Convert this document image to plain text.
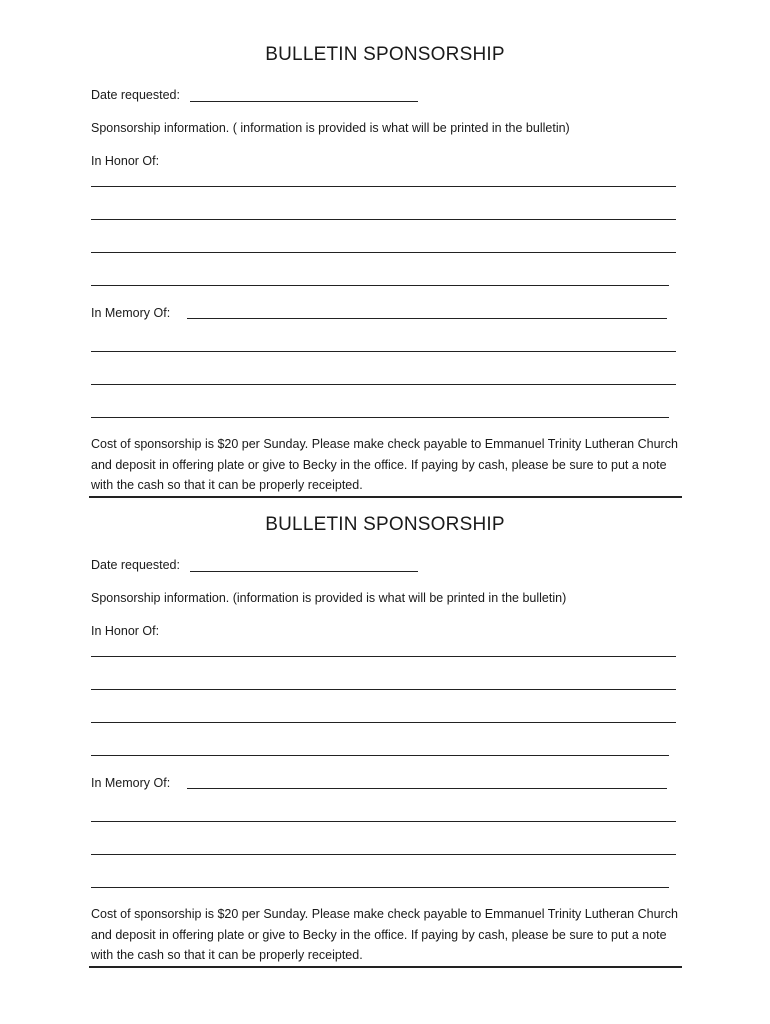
BULLETIN SPONSORSHIP
Date requested:
Sponsorship information. ( information is provided is what will be printed in the bulletin)
In Honor Of:
In Memory Of:
Cost of sponsorship is $20 per Sunday. Please make check payable to Emmanuel Trinity Lutheran Church and deposit in offering plate or give to Becky in the office. If paying by cash, please be sure to put a note with the cash so that it can be properly receipted.
BULLETIN SPONSORSHIP
Date requested:
Sponsorship information. (information is provided is what will be printed in the bulletin)
In Honor Of:
In Memory Of:
Cost of sponsorship is $20 per Sunday. Please make check payable to Emmanuel Trinity Lutheran Church and deposit in offering plate or give to Becky in the office. If paying by cash, please be sure to put a note with the cash so that it can be properly receipted.
